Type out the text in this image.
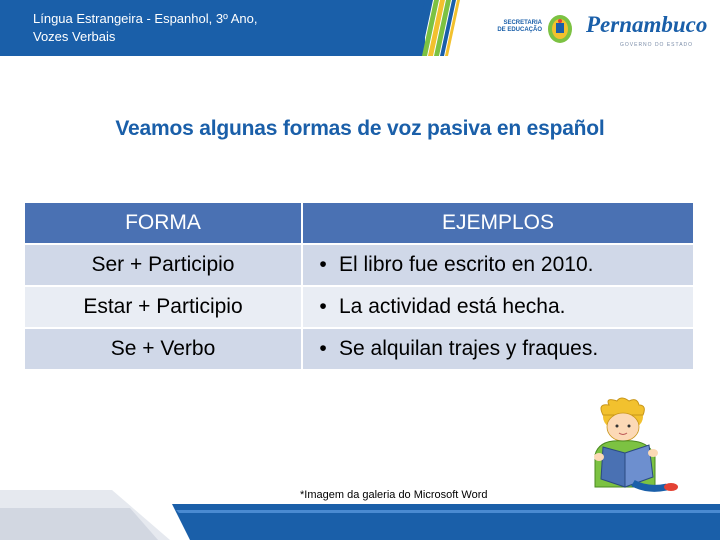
Língua Estrangeira - Espanhol, 3º Ano,
Vozes Verbais
SECRETARIA
DE EDUCAÇÃO Pernambuco
GOVERNO DO ESTADO
Veamos algunas formas de voz pasiva en español
FORMA	EJEMPLOS
Ser + Participio	• El libro fue escrito en 2010.
Estar + Participio	• La actividad está hecha.
Se + Verbo	• Se alquilan trajes y fraques.
*Imagem da galeria do Microsoft Word
